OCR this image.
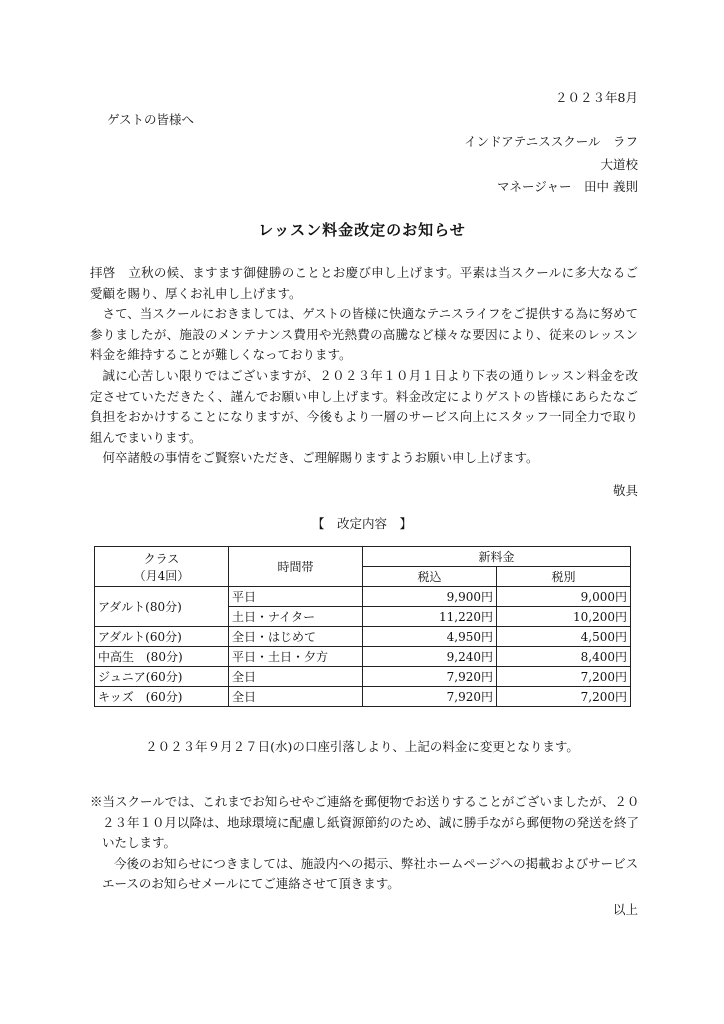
２０２３年8月

ゲストの皆様へ

インドアテニススクール　ラフ

大道校

マネージャー　田中 義則

レッスン料金改定のお知らせ

拝啓　立秋の候、ますます御健勝のこととお慶び申し上げます。平素は当スクールに多大なるご愛顧を賜り、厚くお礼申し上げます。

さて、当スクールにおきましては、ゲストの皆様に快適なテニスライフをご提供する為に努めて参りましたが、施設のメンテナンス費用や光熱費の高騰など様々な要因により、従来のレッスン料金を維持することが難しくなっております。

誠に心苦しい限りではございますが、２０２３年１０月１日より下表の通りレッスン料金を改定させていただきたく、謹んでお願い申し上げます。料金改定によりゲストの皆様にあらたなご負担をおかけすることになりますが、今後もより一層のサービス向上にスタッフ一同全力で取り組んでまいります。

何卒諸般の事情をご賢察いただき、ご理解賜りますようお願い申し上げます。

敬具

【　改定内容　】

クラス
（月4回）	時間帯	新料金	
		税込	税別
アダルト(80分)	平日	9,900円	9,000円
	土日・ナイター	11,220円	10,200円
アダルト(60分)	全日・はじめて	4,950円	4,500円
中高生　(80分)	平日・土日・夕方	9,240円	8,400円
ジュニア(60分)	全日	7,920円	7,200円
キッズ　(60分)	全日	7,920円	7,200円

２０２３年９月２７日(水)の口座引落しより、上記の料金に変更となります。

※当スクールでは、これまでお知らせやご連絡を郵便物でお送りすることがございましたが、２０２３年１０月以降は、地球環境に配慮し紙資源節約のため、誠に勝手ながら郵便物の発送を終了いたします。

今後のお知らせにつきましては、施設内への掲示、弊社ホームページへの掲載およびサービスエースのお知らせメールにてご連絡させて頂きます。

以上
